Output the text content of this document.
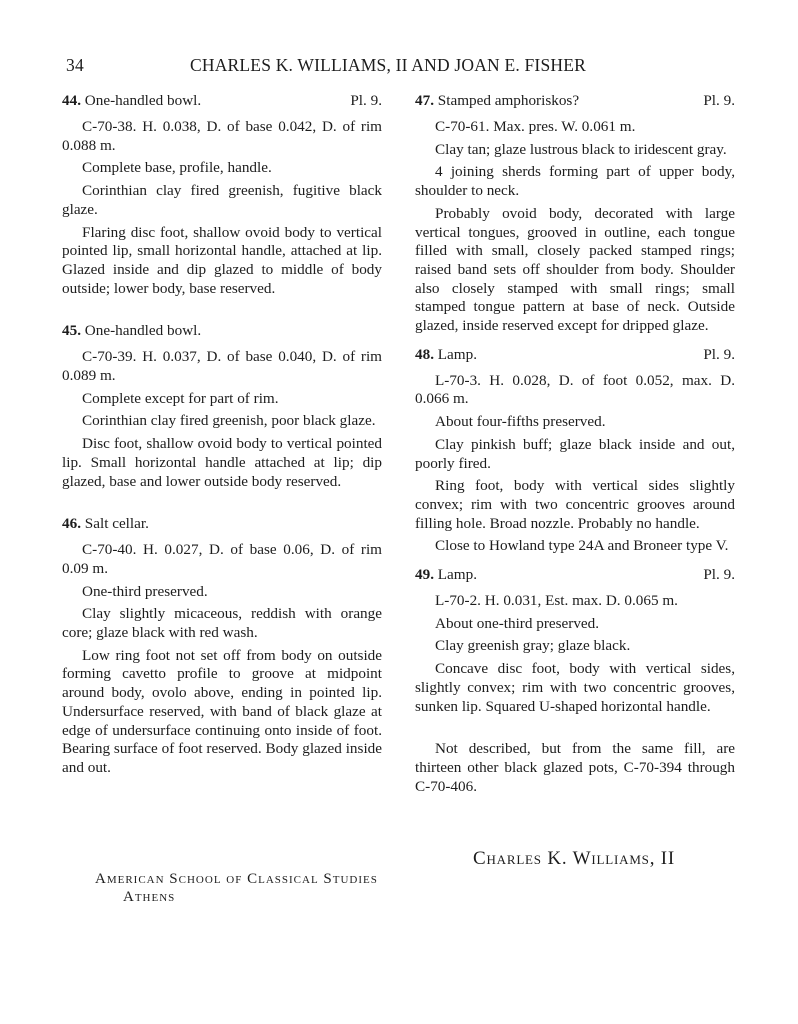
34	CHARLES K. WILLIAMS, II AND JOAN E. FISHER
44. One-handled bowl.	Pl. 9.

C-70-38. H. 0.038, D. of base 0.042, D. of rim 0.088 m.

Complete base, profile, handle.

Corinthian clay fired greenish, fugitive black glaze.

Flaring disc foot, shallow ovoid body to vertical pointed lip, small horizontal handle, attached at lip. Glazed inside and dip glazed to middle of body outside; lower body, base reserved.

45. One-handled bowl.

C-70-39. H. 0.037, D. of base 0.040, D. of rim 0.089 m.

Complete except for part of rim.

Corinthian clay fired greenish, poor black glaze.

Disc foot, shallow ovoid body to vertical pointed lip. Small horizontal handle attached at lip; dip glazed, base and lower outside body reserved.

46. Salt cellar.

C-70-40. H. 0.027, D. of base 0.06, D. of rim 0.09 m.

One-third preserved.

Clay slightly micaceous, reddish with orange core; glaze black with red wash.

Low ring foot not set off from body on outside forming cavetto profile to groove at midpoint around body, ovolo above, ending in pointed lip. Undersurface reserved, with band of black glaze at edge of undersurface continuing onto inside of foot. Bearing surface of foot reserved. Body glazed inside and out.

47. Stamped amphoriskos?	Pl. 9.

C-70-61. Max. pres. W. 0.061 m.

Clay tan; glaze lustrous black to iridescent gray.

4 joining sherds forming part of upper body, shoulder to neck.

Probably ovoid body, decorated with large vertical tongues, grooved in outline, each tongue filled with small, closely packed stamped rings; raised band sets off shoulder from body. Shoulder also closely stamped with small rings; small stamped tongue pattern at base of neck. Outside glazed, inside reserved except for dripped glaze.

48. Lamp.	Pl. 9.

L-70-3. H. 0.028, D. of foot 0.052, max. D. 0.066 m.

About four-fifths preserved.

Clay pinkish buff; glaze black inside and out, poorly fired.

Ring foot, body with vertical sides slightly convex; rim with two concentric grooves around filling hole. Broad nozzle. Probably no handle.

Close to Howland type 24A and Broneer type V.

49. Lamp.	Pl. 9.

L-70-2. H. 0.031, Est. max. D. 0.065 m.

About one-third preserved.

Clay greenish gray; glaze black.

Concave disc foot, body with vertical sides, slightly convex; rim with two concentric grooves, sunken lip. Squared U-shaped horizontal handle.

Not described, but from the same fill, are thirteen other black glazed pots, C-70-394 through C-70-406.

Charles K. Williams, II
American School of Classical Studies
Athens
